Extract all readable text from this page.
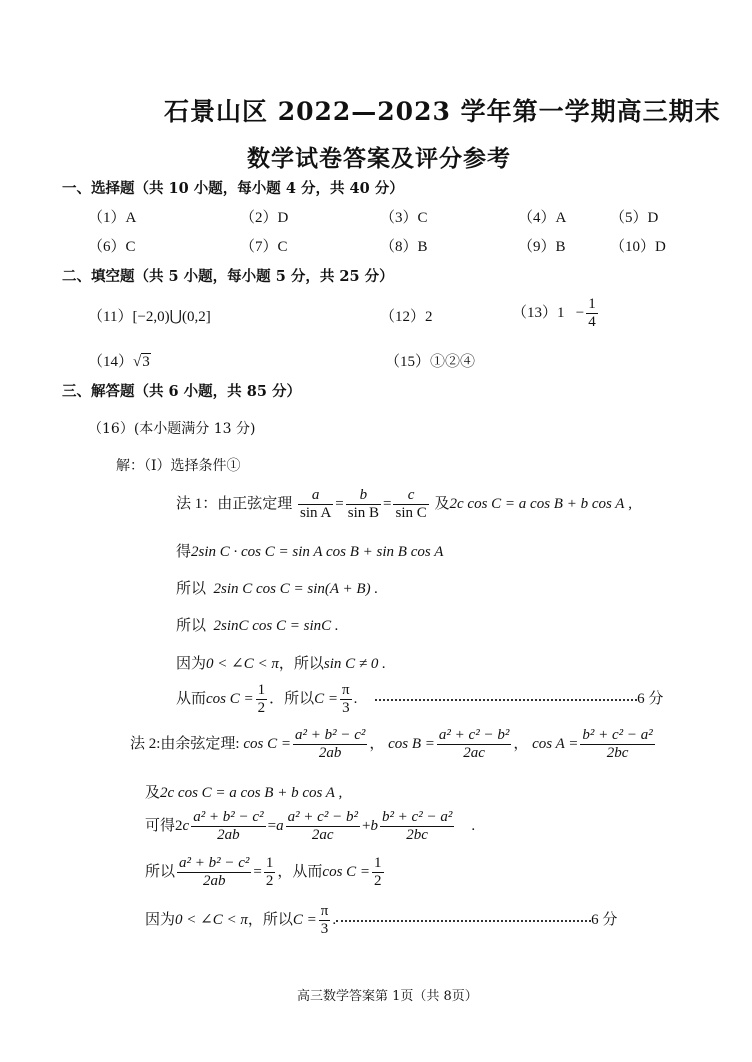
石景山区 2022—2023 学年第一学期高三期末
数学试卷答案及评分参考
一、选择题（共 10 小题，每小题 4 分，共 40 分）
（1）A	（2）D	（3）C	（4）A	（5）D
（6）C	（7）C	（8）B	（9）B	（10）D
二、填空题（共 5 小题，每小题 5 分，共 25 分）
（11）[−2,0)⋃(0,2]	（12）2	$(13)1 - \frac{1}{4}$
（14）√3	（15）①②④
三、解答题（共 6 小题，共 85 分）
（16）(本小题满分 13 分)
解：（Ⅰ）选择条件①
法 1：由正弦定理 $\frac{a}{\text{sin A}} = \frac{b}{\text{sin B}} = \frac{c}{\text{sin C}}$ 及2c cos C = a cos B + b cos A ,
得2sin C · cos C = sin A cos B + sin B cos A
所以 2sin C cos C = sin(A + B) .
所以 2sinC cos C = sinC .
因为0 < ∠C < π，所以sin C ≠ 0 .
从而$\cos C = \frac{1}{2}$ ．所以$C = \frac{\pi}{3}$ .	6 分
法 2:由余弦定理: $\cos C = \frac{\text{a² + b² − c²}}{2ab}$ ， $\cos B = \frac{\text{a² + c² − b²}}{2ac}$ ， $\cos A = \frac{\text{b² + c² − a²}}{2bc}$
及2c cos C = a cos B + b cos A ,
可得$2c \frac{\text{a² + b² − c²}}{2ab} =a \frac{\text{a² + c² − b²}}{2ac} +b \frac{\text{b² + c² − a²}}{2bc}$    .
所以 $\frac{\text{a² + b² − c²}}{2ab} = \frac{1}{2}$ ，从而$\cos C = \frac{1}{2}$
因为0 < ∠C < π，所以$C = \frac{\pi}{3}$ .	6 分
高三数学答案第 1页（共 8页）
